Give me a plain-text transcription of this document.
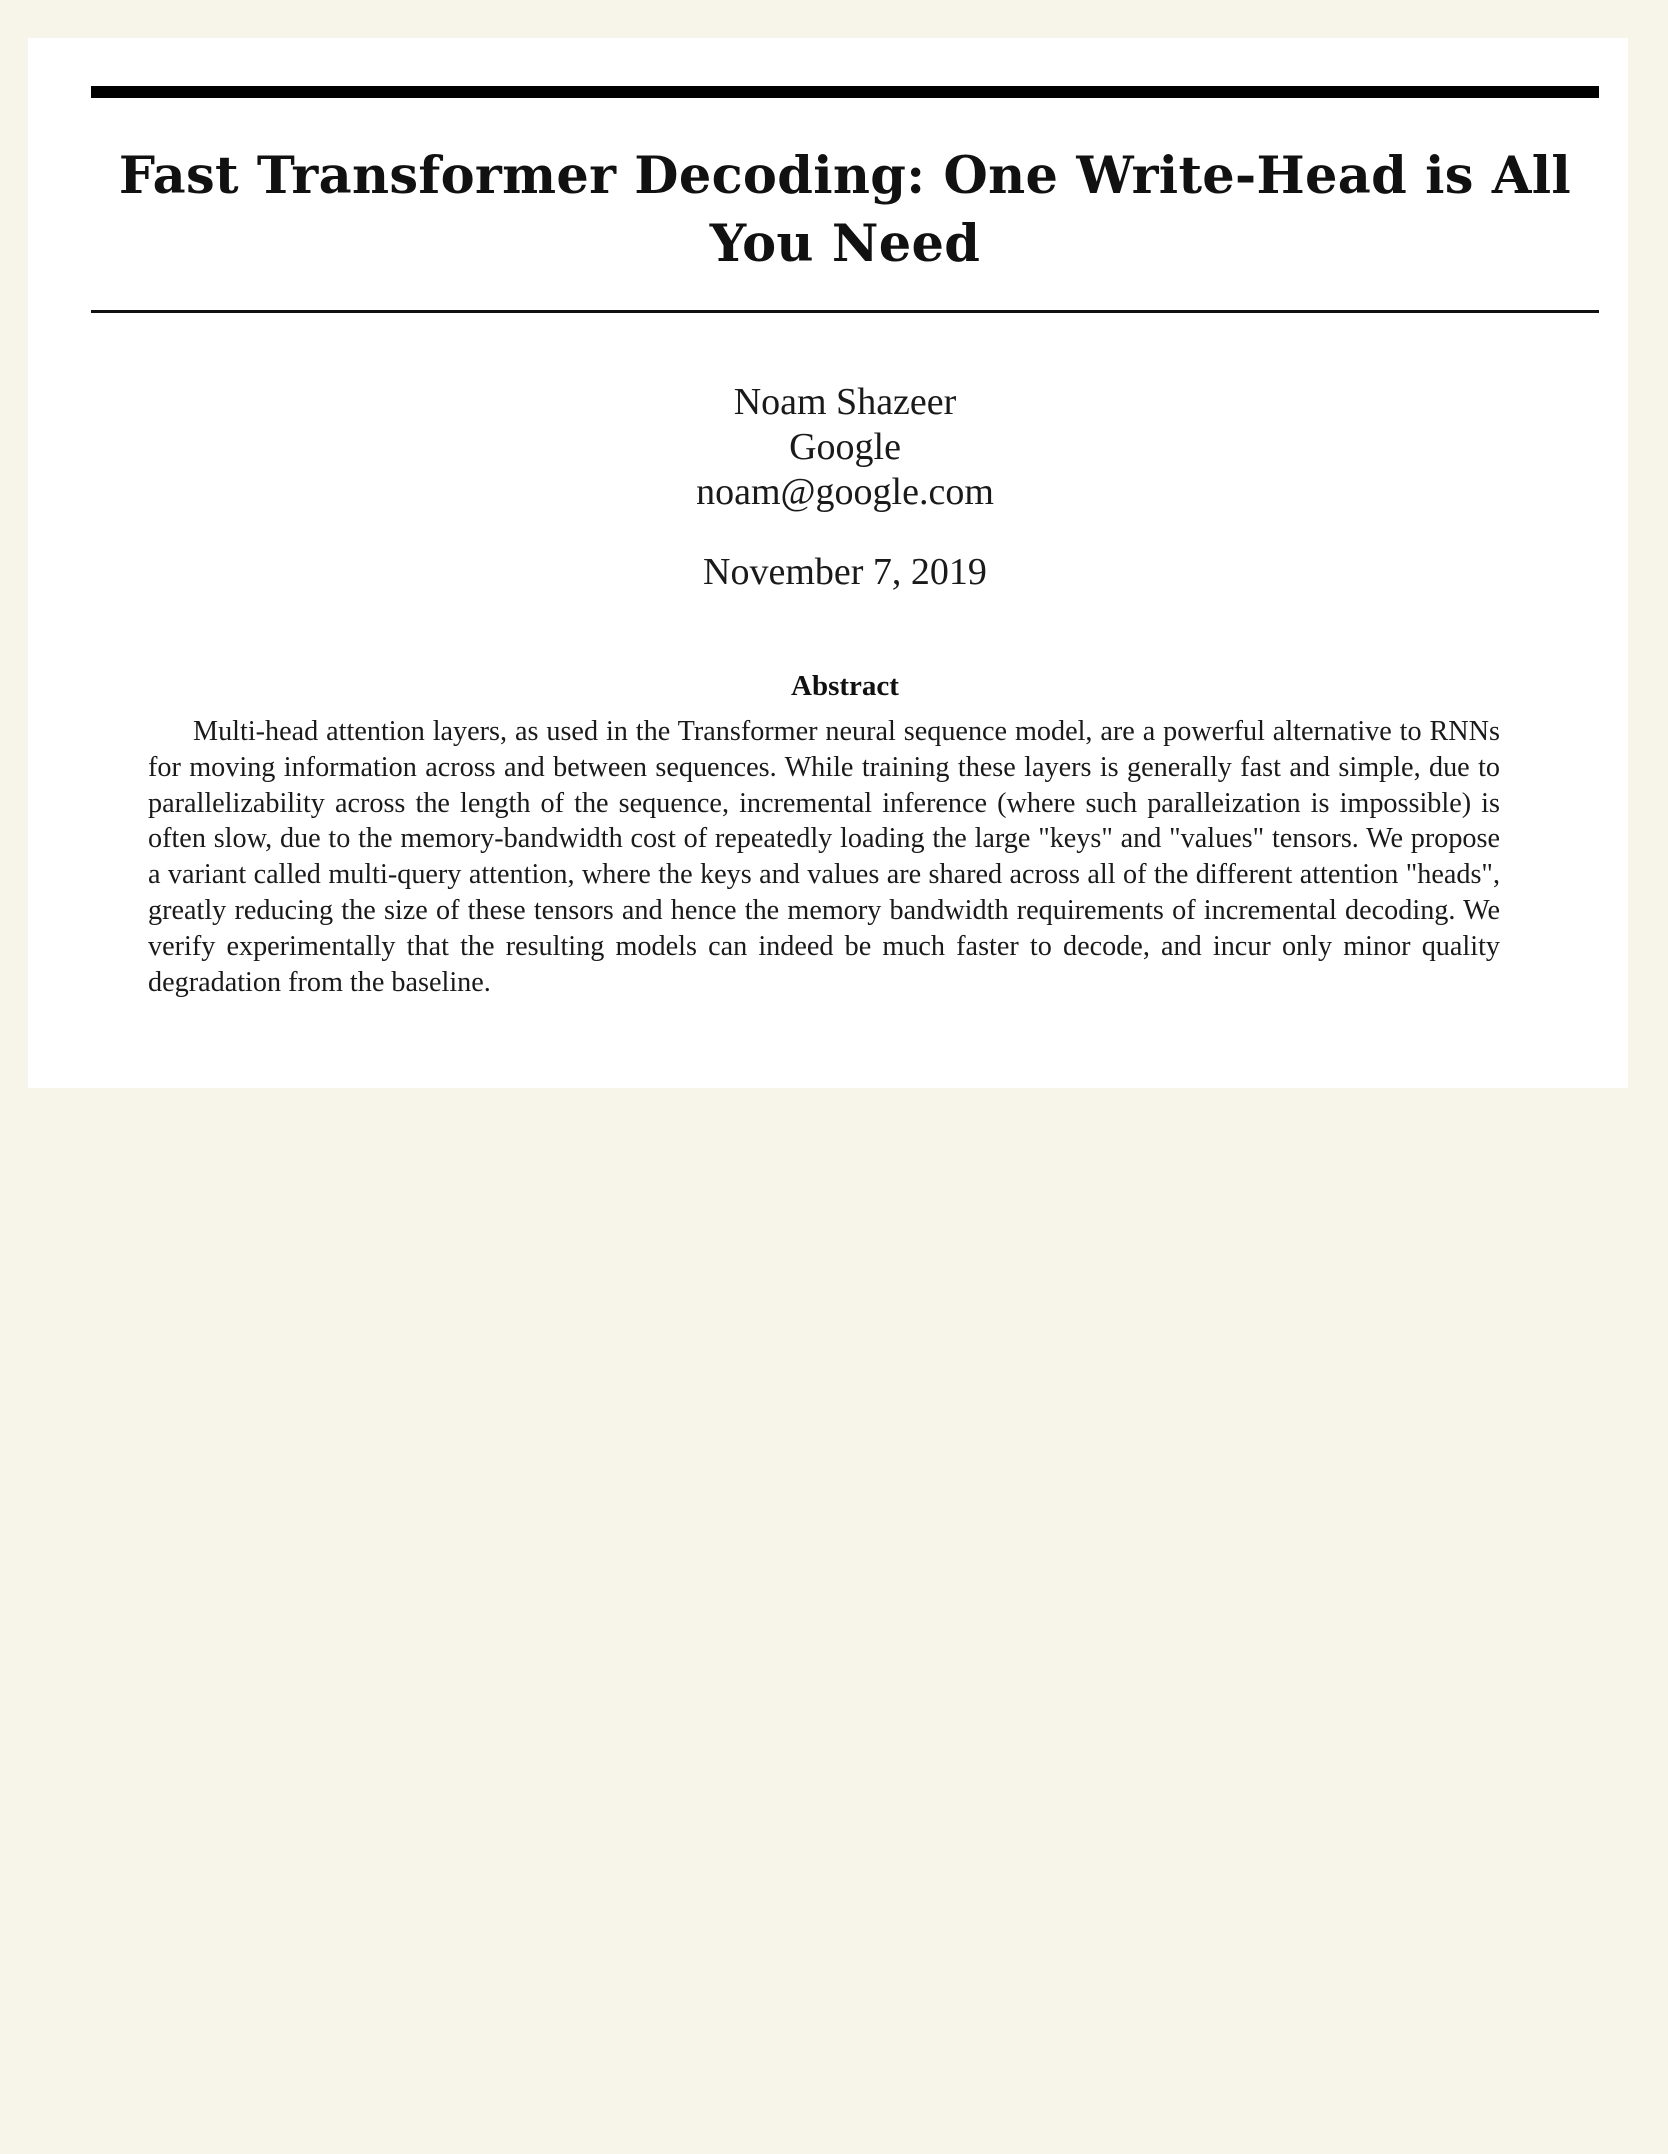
Fast Transformer Decoding: One Write-Head is All
You Need
Noam Shazeer
Google
noam@google.com
November 7, 2019
Abstract

Multi-head attention layers, as used in the Transformer neural sequence model, are a powerful alternative to RNNs for moving information across and between sequences. While training these layers is generally fast and simple, due to parallelizability across the length of the sequence, incremental inference (where such paralleization is impossible) is often slow, due to the memory-bandwidth cost of repeatedly loading the large "keys" and "values" tensors. We propose a variant called multi-query attention, where the keys and values are shared across all of the different attention "heads", greatly reducing the size of these tensors and hence the memory bandwidth requirements of incremental decoding. We verify experimentally that the resulting models can indeed be much faster to decode, and incur only minor quality degradation from the baseline.
